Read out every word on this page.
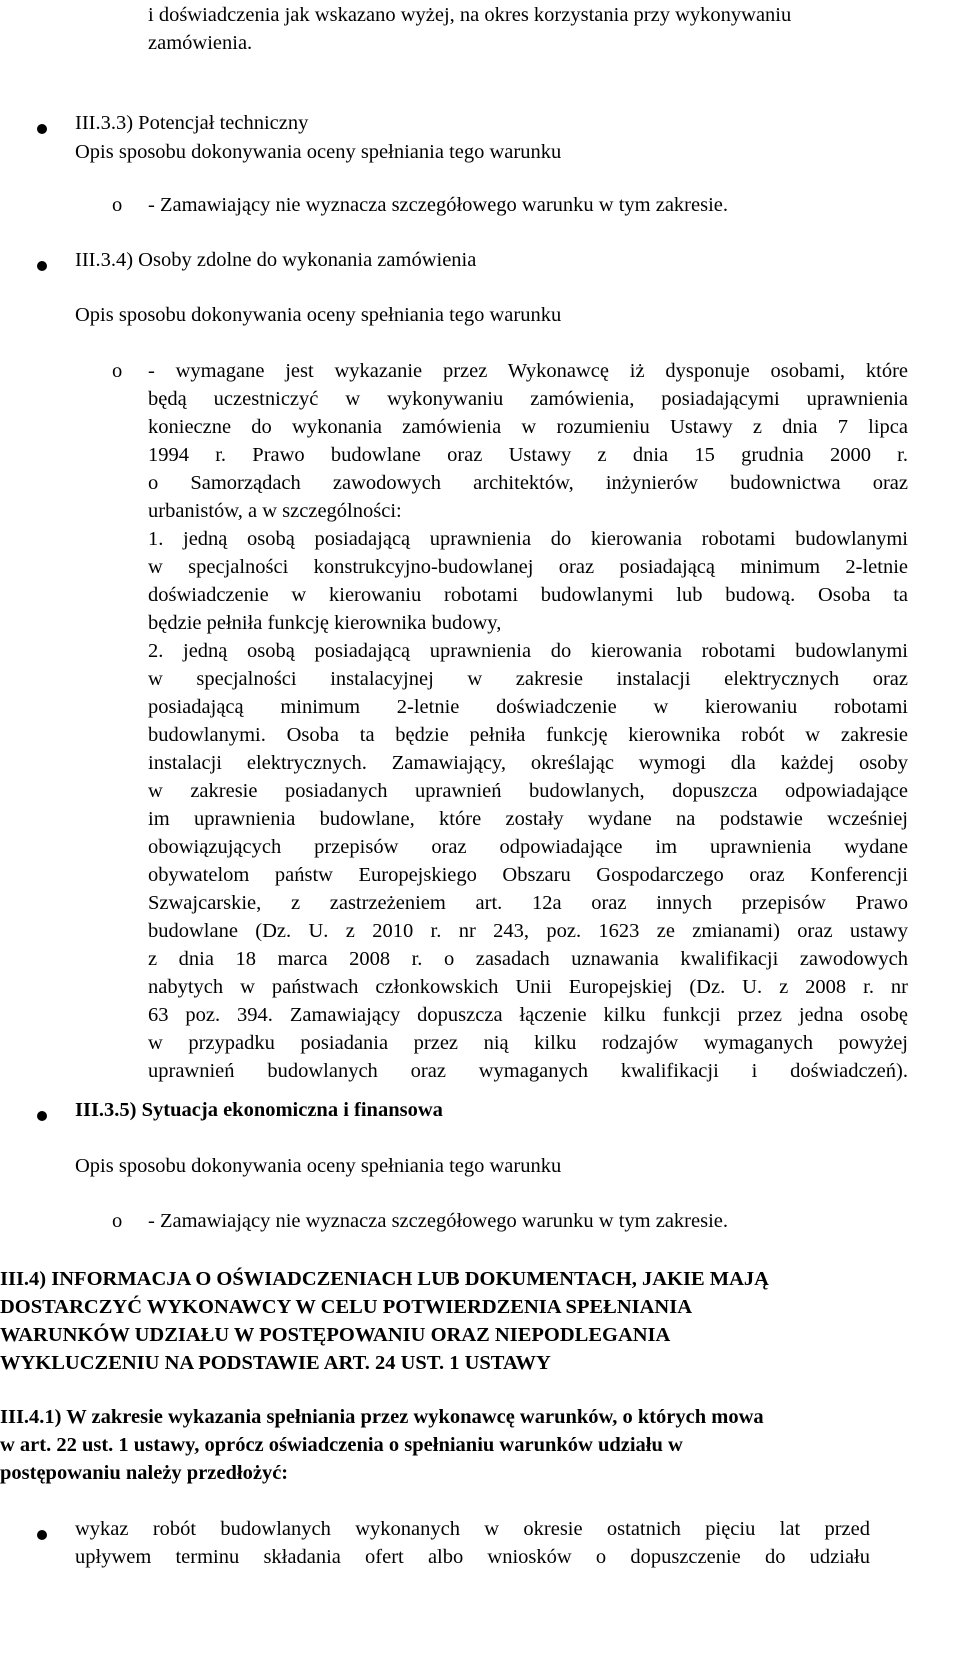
i doświadczenia jak wskazano wyżej, na okres korzystania przy wykonywaniu
zamówienia.
III.3.3) Potencjał techniczny
Opis sposobu dokonywania oceny spełniania tego warunku
o - Zamawiający nie wyznacza szczegółowego warunku w tym zakresie.
III.3.4) Osoby zdolne do wykonania zamówienia
Opis sposobu dokonywania oceny spełniania tego warunku
o - wymagane jest wykazanie przez Wykonawcę iż dysponuje osobami, które
będą uczestniczyć w wykonywaniu zamówienia, posiadającymi uprawnienia
konieczne do wykonania zamówienia w rozumieniu Ustawy z dnia 7 lipca
1994 r. Prawo budowlane oraz Ustawy z dnia 15 grudnia 2000 r.
o Samorządach zawodowych architektów, inżynierów budownictwa oraz
urbanistów, a w szczególności:
1. jedną osobą posiadającą uprawnienia do kierowania robotami budowlanymi
w specjalności konstrukcyjno-budowlanej oraz posiadającą minimum 2-letnie
doświadczenie w kierowaniu robotami budowlanymi lub budową. Osoba ta
będzie pełniła funkcję kierownika budowy,
2. jedną osobą posiadającą uprawnienia do kierowania robotami budowlanymi
w specjalności instalacyjnej w zakresie instalacji elektrycznych oraz
posiadającą minimum 2-letnie doświadczenie w kierowaniu robotami
budowlanymi. Osoba ta będzie pełniła funkcję kierownika robót w zakresie
instalacji elektrycznych. Zamawiający, określając wymogi dla każdej osoby
w zakresie posiadanych uprawnień budowlanych, dopuszcza odpowiadające
im uprawnienia budowlane, które zostały wydane na podstawie wcześniej
obowiązujących przepisów oraz odpowiadające im uprawnienia wydane
obywatelom państw Europejskiego Obszaru Gospodarczego oraz Konferencji
Szwajcarskie, z zastrzeżeniem art. 12a oraz innych przepisów Prawo
budowlane (Dz. U. z 2010 r. nr 243, poz. 1623 ze zmianami) oraz ustawy
z dnia 18 marca 2008 r. o zasadach uznawania kwalifikacji zawodowych
nabytych w państwach członkowskich Unii Europejskiej (Dz. U. z 2008 r. nr
63 poz. 394. Zamawiający dopuszcza łączenie kilku funkcji przez jedna osobę
w przypadku posiadania przez nią kilku rodzajów wymaganych powyżej
uprawnień budowlanych oraz wymaganych kwalifikacji i doświadczeń).
III.3.5) Sytuacja ekonomiczna i finansowa
Opis sposobu dokonywania oceny spełniania tego warunku
o - Zamawiający nie wyznacza szczegółowego warunku w tym zakresie.
III.4) INFORMACJA O OŚWIADCZENIACH LUB DOKUMENTACH, JAKIE MAJĄ
DOSTARCZYĆ WYKONAWCY W CELU POTWIERDZENIA SPEŁNIANIA
WARUNKÓW UDZIAŁU W POSTĘPOWANIU ORAZ NIEPODLEGANIA
WYKLUCZENIU NA PODSTAWIE ART. 24 UST. 1 USTAWY
III.4.1) W zakresie wykazania spełniania przez wykonawcę warunków, o których mowa
w art. 22 ust. 1 ustawy, oprócz oświadczenia o spełnianiu warunków udziału w
postępowaniu należy przedłożyć:
wykaz robót budowlanych wykonanych w okresie ostatnich pięciu lat przed
upływem terminu składania ofert albo wniosków o dopuszczenie do udziału
